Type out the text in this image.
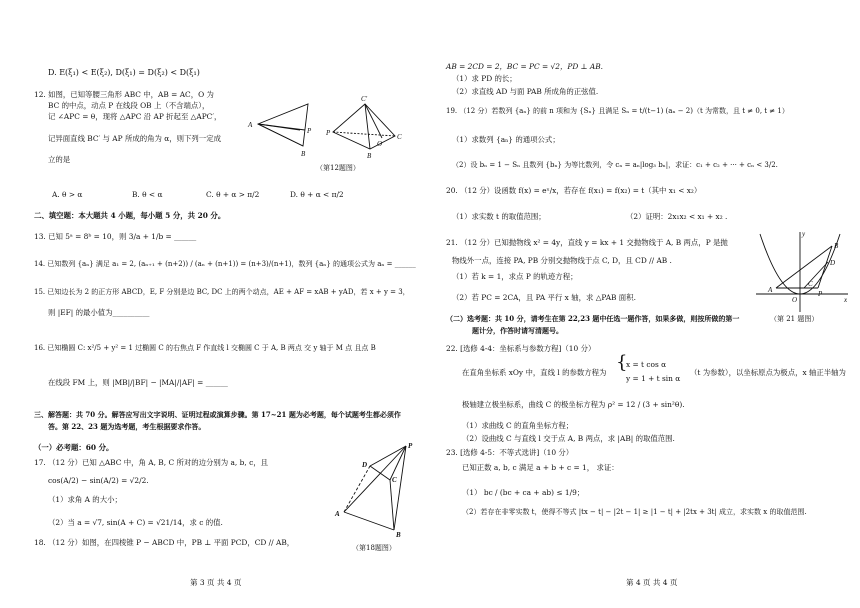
D. E(ξ₁) < E(ξ₂), D(ξ₁) = D(ξ₂) < D(ξ₁)
12. 如图，已知等腰三角形 ABC 中，AB = AC，O 为
BC 的中点，动点 P 在线段 OB 上（不含端点），
记 ∠APC = θ，现将 △APC 沿 AP 折起至 △APC′，
记异面直线 BC′ 与 AP 所成的角为 α，则下列一定成
立的是
A
P
B
C'
C
O
P
B
（第12题图）
A. θ > α	B. θ < α	C. θ + α > π/2	D. θ + α < π/2
二、填空题：本大题共 4 小题，每小题 5 分，共 20 分。
13. 已知 5ᵃ = 8ᵇ = 10，则 3/a + 1/b = ______
14. 已知数列 {aₙ} 满足 a₁ = 2, (aₙ₊₁ + (n+2)) / (aₙ + (n+1)) = (n+3)/(n+1)，数列 {aₙ} 的通项公式为 aₙ = ______
15. 已知边长为 2 的正方形 ABCD，E, F 分别是边 BC, DC 上的两个动点，AE + AF = xAB + yAD，若 x + y = 3，
则 |EF| 的最小值为__________
16. 已知椭圆 C: x²/5 + y² = 1 过椭圆 C 的右焦点 F 作直线 l 交椭圆 C 于 A, B 两点 交 y 轴于 M 点 且点 B
在线段 FM 上，则 |MB|/|BF| − |MA|/|AF| = ______
三、解答题：共 70 分。解答应写出文字说明、证明过程或演算步骤。第 17~21 题为必考题，每个试题考生都必须作
答。第 22、23 题为选考题，考生根据要求作答。
（一）必考题：60 分。
17. （12 分）已知 △ABC 中，角 A, B, C 所对的边分别为 a, b, c，且
cos(A/2) − sin(A/2) = √2/2.
（1）求角 A 的大小；
（2）当 a = √7, sin(A + C) = √21/14，求 c 的值.
18. （12 分）如图，在四棱锥 P − ABCD 中，PB ⊥ 平面 PCD，CD // AB，
P
D
C
A
B
（第18题图）
第 3 页 共 4 页
AB = 2CD = 2，BC = PC = √2，PD ⊥ AB.
（1）求 PD 的长；
（2）求直线 AD 与面 PAB 所成角的正弦值.
19. （12 分）若数列 {aₙ} 的前 n 项和为 {Sₙ} 且满足 Sₙ = t/(t−1) (aₙ − 2)（t 为常数，且 t ≠ 0, t ≠ 1）
（1）求数列 {aₙ} 的通项公式；
（2）设 bₙ = 1 − Sₙ 且数列 {bₙ} 为等比数列，令 cₙ = aₙ|log₃ bₙ|，求证：c₁ + c₂ + ··· + cₙ < 3/2.
20. （12 分）设函数 f(x) = eˣ/x，若存在 f(x₁) = f(x₂) = t（其中 x₁ < x₂）
（1）求实数 t 的取值范围；	（2）证明：2x₁x₂ < x₁ + x₂ .
21. （12 分）已知抛物线 x² = 4y，直线 y = kx + 1 交抛物线于 A, B 两点，P 是抛
物线外一点，连接 PA, PB 分别交抛物线于点 C, D，且 CD // AB .
（1）若 k = 1，求点 P 的轨迹方程；
（2）若 PC = 2CA，且 PA 平行 x 轴，求 △PAB 面积.
y
P
D
B
C
A
O	x
（第 21 题图）
（二）选考题：共 10 分，请考生在第 22,23 题中任选一题作答，如果多做，则按所做的第一
题计分，作答时请写清题号。
22. [选修 4-4：坐标系与参数方程]（10 分）
在直角坐标系 xOy 中，直线 l 的参数方程为 {
x = t cos α
y = 1 + t sin α
（t 为参数），以坐标原点为极点，x 轴正半轴为
极轴建立极坐标系，曲线 C 的极坐标方程为 ρ² = 12 / (3 + sin²θ).
（1）求曲线 C 的直角坐标方程；
（2）设曲线 C 与直线 l 交于点 A, B 两点，求 |AB| 的取值范围.
23. [选修 4-5：不等式选讲]（10 分）
已知正数 a, b, c 满足 a + b + c = 1， 求证：
（1） bc / (bc + ca + ab) ≤ 1/9；
（2）若存在非零实数 t，使得不等式 |tx − t| − |2t − 1| ≥ |1 − t| + |2tx + 3t| 成立，求实数 x 的取值范围.
第 4 页 共 4 页
